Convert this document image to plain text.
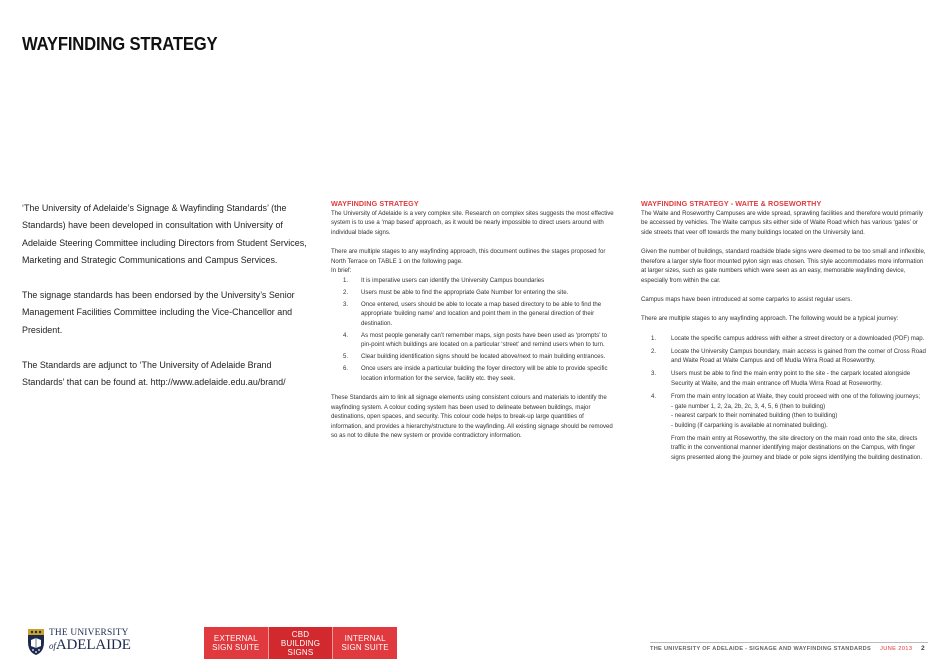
WAYFINDING STRATEGY

‘The University of Adelaide’s Signage & Wayfinding Standards’ (the Standards) have been developed in consultation with University of Adelaide Steering Committee including Directors from Student Services, Marketing and Strategic Communications and Campus Services.

The signage standards has been endorsed by the University’s Senior Management Facilities Committee including the Vice-Chancellor and President.

The Standards are adjunct to ‘The University of Adelaide Brand Standards’ that can be found at. http://www.adelaide.edu.au/brand/

WAYFINDING STRATEGY

The University of Adelaide is a very complex site. Research on complex sites suggests the most effective system is to use a ‘map based’ approach, as it would be nearly impossible to direct users around with individual blade signs.

There are multiple stages to any wayfinding approach, this document outlines the stages proposed for North Terrace on TABLE 1 on the following page.

In brief:
1. It is imperative users can identify the University Campus boundaries
2. Users must be able to find the appropriate Gate Number for entering the site.
3. Once entered, users should be able to locate a map based directory to be able to find the appropriate ‘building name’ and location and point them in the general direction of their destination.
4. As most people generally can’t remember maps, sign posts have been used as ‘prompts’ to pin-point which buildings are located on a particular ‘street’ and remind users when to turn.
5. Clear building identification signs should be located above/next to main building entrances.
6. Once users are inside a particular building the foyer directory will be able to provide specific location information for the service, facility etc. they seek.

These Standards aim to link all signage elements using consistent colours and materials to identify the wayfinding system. A colour coding system has been used to delineate between buildings, major destinations, open spaces, and security. This colour code helps to break-up large quantities of information, and provides a hierarchy/structure to the wayfinding. All existing signage should be removed so as not to dilute the new system or provide contradictory information.

WAYFINDING STRATEGY - WAITE & ROSEWORTHY

The Waite and Roseworthy Campuses are wide spread, sprawling facilities and therefore would primarily be accessed by vehicles. The Waite campus sits either side of Waite Road which has various ‘gates’ or side streets that veer off towards the many buildings located on the University land.

Given the number of buildings, standard roadside blade signs were deemed to be too small and inflexible, therefore a larger style floor mounted pylon sign was chosen. This style accommodates more information at larger sizes, such as gate numbers which were seen as an easy, memorable wayfinding device, especially from within the car.

Campus maps have been introduced at some carparks to assist regular users.

There are multiple stages to any wayfinding approach. The following would be a typical journey:

1. Locate the specific campus address with either a street directory or a downloaded (PDF) map.
2. Locate the University Campus boundary, main access is gained from the corner of Cross Road and Waite Road at Waite Campus and off Mudla Wirra Road at Roseworthy.
3. Users must be able to find the main entry point to the site - the carpark located alongside Security at Waite, and the main entrance off Mudla Wirra Road at Roseworthy.
4. From the main entry location at Waite, they could proceed with one of the following journeys;
- gate number 1, 2, 2a, 2b, 2c, 3, 4, 5, 6 (then to building)
- nearest carpark to their nominated building (then to building)
- building (if carparking is available at nominated building).
From the main entry at Roseworthy, the site directory on the main road onto the site, directs traffic in the conventional manner identifying major destinations on the Campus, with finger signs presented along the journey and blade or pole signs identifying the building destination.
THE UNIVERSITY
ofADELAIDE	EXTERNAL
SIGN SUITE
CBD
BUILDING
SIGNS
INTERNAL
SIGN SUITE	THE UNIVERSITY OF ADELAIDE - SIGNAGE AND WAYFINDING STANDARDS JUNE 2013 2
